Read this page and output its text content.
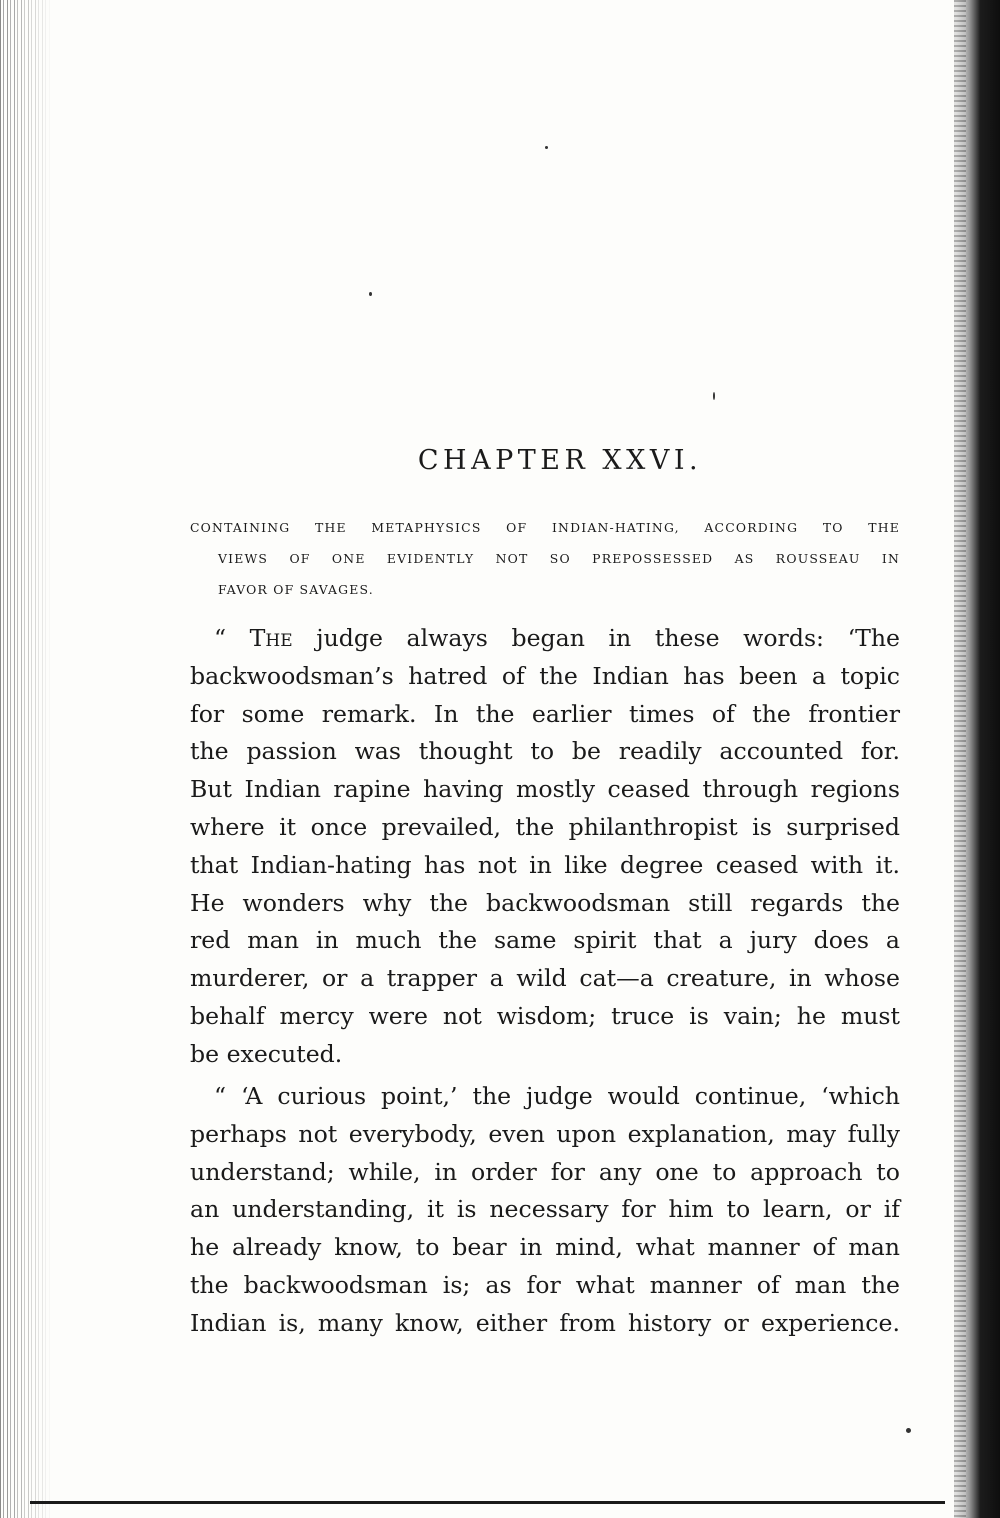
CHAPTER XXVI.
CONTAINING THE METAPHYSICS OF INDIAN-HATING, ACCORDING TO THE
VIEWS OF ONE EVIDENTLY NOT SO PREPOSSESSED AS ROUSSEAU IN
FAVOR OF SAVAGES.
“ The judge always began in these words: ‘The
backwoodsman’s hatred of the Indian has been a topic
for some remark. In the earlier times of the frontier
the passion was thought to be readily accounted for.
But Indian rapine having mostly ceased through regions
where it once prevailed, the philanthropist is surprised
that Indian-hating has not in like degree ceased with it.
He wonders why the backwoodsman still regards the
red man in much the same spirit that a jury does a
murderer, or a trapper a wild cat—a creature, in whose
behalf mercy were not wisdom; truce is vain; he must
be executed.
“ ‘A curious point,’ the judge would continue, ‘which
perhaps not everybody, even upon explanation, may fully
understand; while, in order for any one to approach to
an understanding, it is necessary for him to learn, or if
he already know, to bear in mind, what manner of man
the backwoodsman is; as for what manner of man the
Indian is, many know, either from history or experience.
